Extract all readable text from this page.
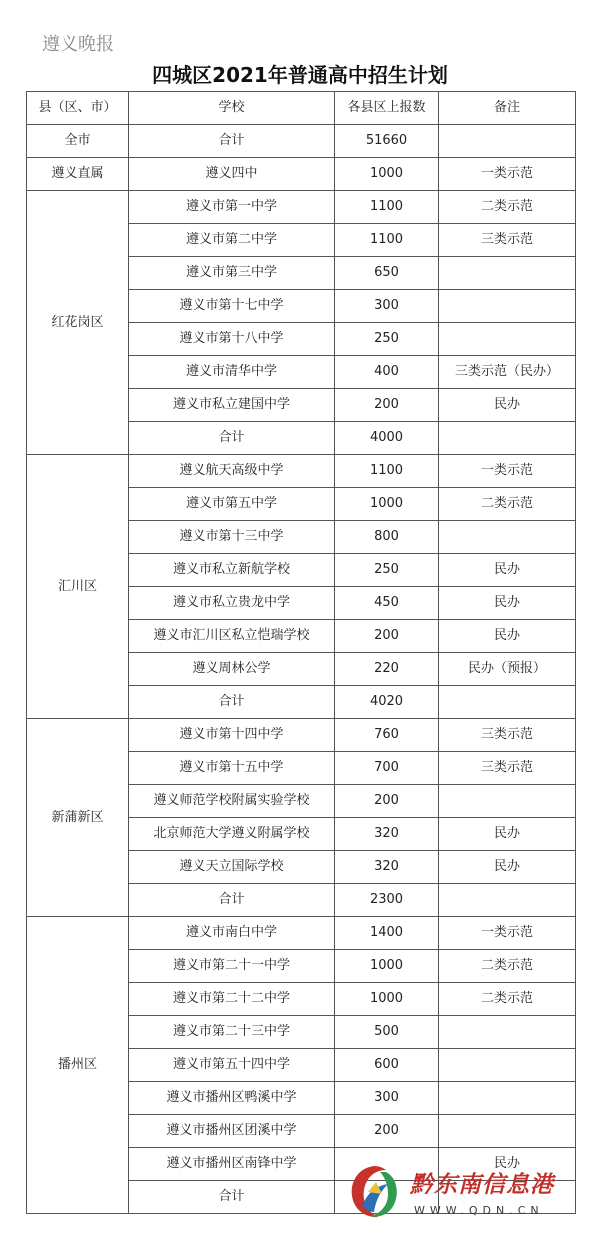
遵义晚报
四城区2021年普通高中招生计划
县（区、市）	学校	各县区上报数	备注
全市	合计	51660	
遵义直属	遵义四中	1000	一类示范
红花岗区	遵义市第一中学	1100	二类示范
	遵义市第二中学	1100	三类示范
	遵义市第三中学	650	
	遵义市第十七中学	300	
	遵义市第十八中学	250	
	遵义市清华中学	400	三类示范（民办）
	遵义市私立建国中学	200	民办
	合计	4000	
汇川区	遵义航天高级中学	1100	一类示范
	遵义市第五中学	1000	二类示范
	遵义市第十三中学	800	
	遵义市私立新航学校	250	民办
	遵义市私立贵龙中学	450	民办
	遵义市汇川区私立恺瑞学校	200	民办
	遵义周林公学	220	民办（预报）
	合计	4020	
新蒲新区	遵义市第十四中学	760	三类示范
	遵义市第十五中学	700	三类示范
	遵义师范学校附属实验学校	200	
	北京师范大学遵义附属学校	320	民办
	遵义天立国际学校	320	民办
	合计	2300	
播州区	遵义市南白中学	1400	一类示范
	遵义市第二十一中学	1000	二类示范
	遵义市第二十二中学	1000	二类示范
	遵义市第二十三中学	500	
	遵义市第五十四中学	600	
	遵义市播州区鸭溪中学	300	
	遵义市播州区团溪中学	200	
	遵义市播州区南锋中学		民办
	合计			黔东南信息港
WWW.QDN.CN
